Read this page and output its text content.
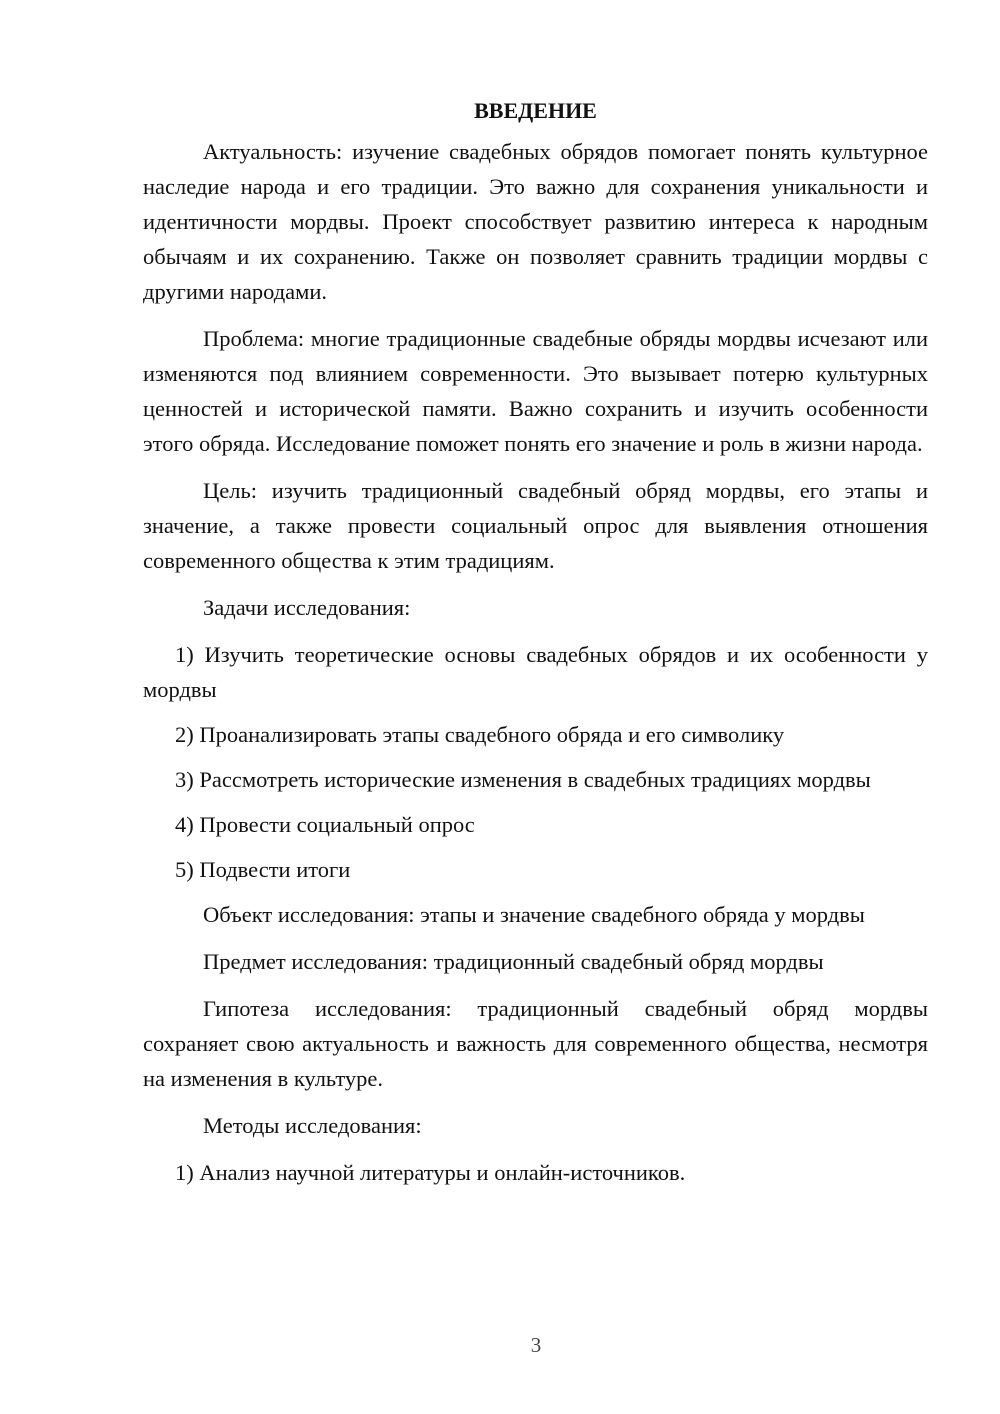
ВВЕДЕНИЕ

Актуальность: изучение свадебных обрядов помогает понять культурное наследие народа и его традиции. Это важно для сохранения уникальности и идентичности мордвы. Проект способствует развитию интереса к народным обычаям и их сохранению. Также он позволяет сравнить традиции мордвы с другими народами.

Проблема: многие традиционные свадебные обряды мордвы исчезают или изменяются под влиянием современности. Это вызывает потерю культурных ценностей и исторической памяти. Важно сохранить и изучить особенности этого обряда. Исследование поможет понять его значение и роль в жизни народа.

Цель: изучить традиционный свадебный обряд мордвы, его этапы и значение, а также провести социальный опрос для выявления отношения современного общества к этим традициям.

Задачи исследования:

1) Изучить теоретические основы свадебных обрядов и их особенности у мордвы

2) Проанализировать этапы свадебного обряда и его символику

3) Рассмотреть исторические изменения в свадебных традициях мордвы

4) Провести социальный опрос

5) Подвести итоги

Объект исследования: этапы и значение свадебного обряда у мордвы

Предмет исследования: традиционный свадебный обряд мордвы

Гипотеза исследования: традиционный свадебный обряд мордвы сохраняет свою актуальность и важность для современного общества, несмотря на изменения в культуре.

Методы исследования:

1) Анализ научной литературы и онлайн-источников.

3
